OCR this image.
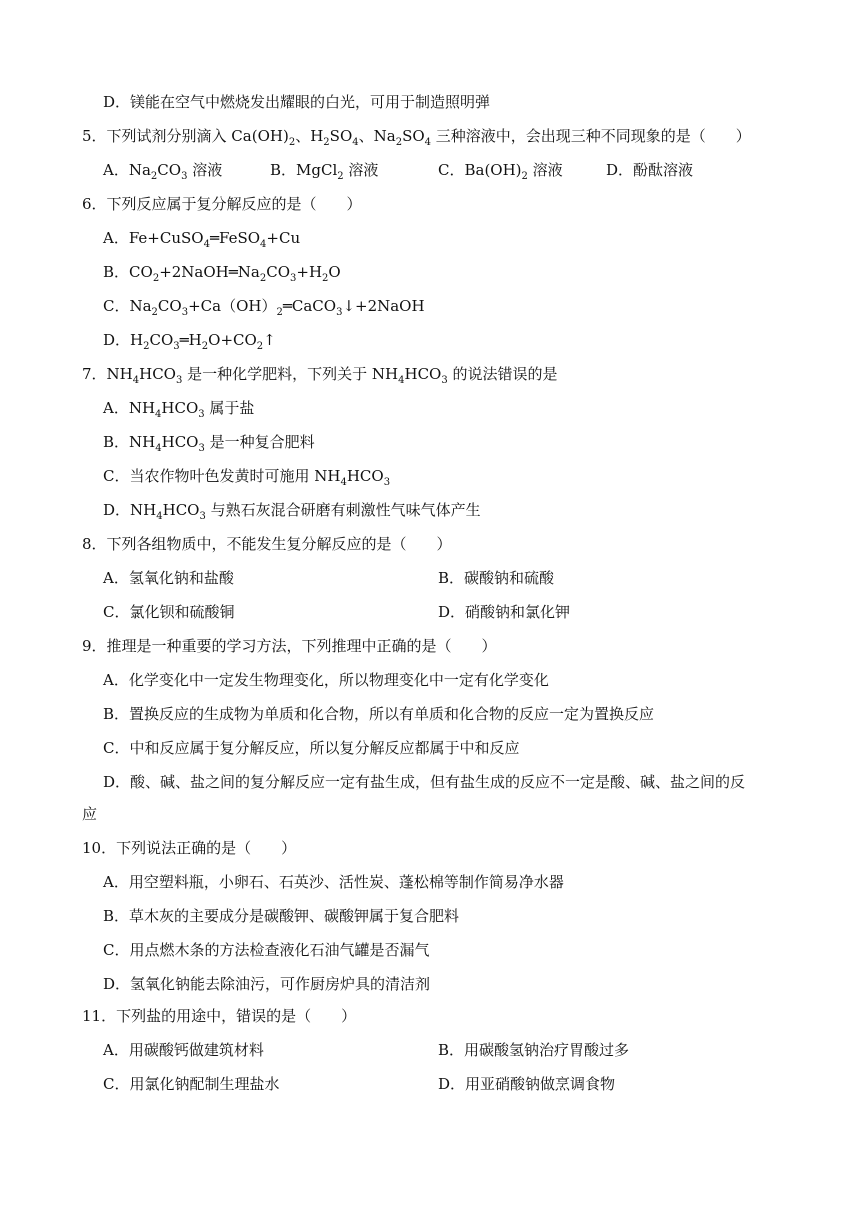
D．镁能在空气中燃烧发出耀眼的白光，可用于制造照明弹
5．下列试剂分别滴入 $Ca(OH)_2$、$H_2SO_4$、$Na_2SO_4$ 三种溶液中，会出现三种不同现象的是（　　）
A．$Na_2CO_3$ 溶液	B．MgCl$_2$ 溶液	C．$Ba(OH)_2$ 溶液	D．酚酞溶液
6．下列反应属于复分解反应的是（　　）
A．Fe+CuSO$_4$═FeSO$_4$+Cu
B．$CO_2+2NaOH═Na_2CO_3+H_2O$
C．$Na_2CO_3+Ca(OH)_2═CaCO_3↓+2NaOH$
D．$H_2CO_3═H_2O+CO_2↑$
7．$NH_4HCO_3$ 是一种化学肥料，下列关于 $NH_4HCO_3$ 的说法错误的是
A．$NH_4HCO_3$ 属于盐
B．$NH_4HCO_3$ 是一种复合肥料
C．当农作物叶色发黄时可施用 $NH_4HCO_3$
D．$NH_4HCO_3$ 与熟石灰混合研磨有刺激性气味气体产生
8．下列各组物质中，不能发生复分解反应的是（　　）
A．氢氧化钠和盐酸	B．碳酸钠和硫酸
C．氯化钡和硫酸铜	D．硝酸钠和氯化钾
9．推理是一种重要的学习方法，下列推理中正确的是（　　）
A．化学变化中一定发生物理变化，所以物理变化中一定有化学变化
B．置换反应的生成物为单质和化合物，所以有单质和化合物的反应一定为置换反应
C．中和反应属于复分解反应，所以复分解反应都属于中和反应
D．酸、碱、盐之间的复分解反应一定有盐生成，但有盐生成的反应不一定是酸、碱、盐之间的反
应
10．下列说法正确的是（　　）
A．用空塑料瓶，小卵石、石英沙、活性炭、蓬松棉等制作简易净水器
B．草木灰的主要成分是碳酸钾、碳酸钾属于复合肥料
C．用点燃木条的方法检查液化石油气罐是否漏气
D．氢氧化钠能去除油污，可作厨房炉具的清洁剂
11．下列盐的用途中，错误的是（　　）
A．用碳酸钙做建筑材料	B．用碳酸氢钠治疗胃酸过多
C．用氯化钠配制生理盐水	D．用亚硝酸钠做烹调食物
